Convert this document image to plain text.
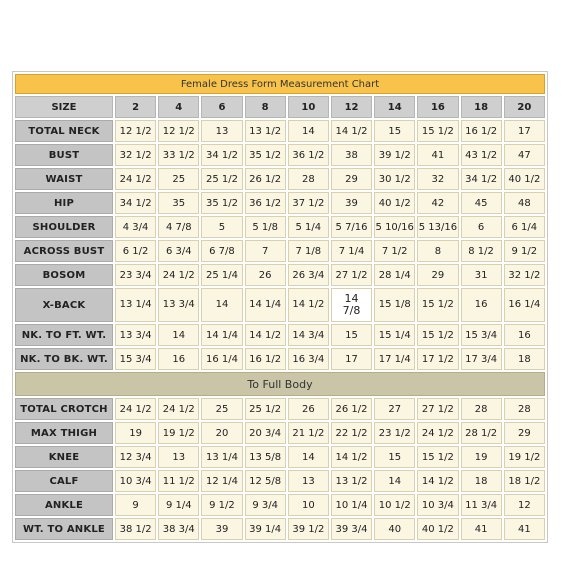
Female Dress Form Measurement Chart										
SIZE	2	4	6	8	10	12	14	16	18	20
TOTAL NECK	12 1/2	12 1/2	13	13 1/2	14	14 1/2	15	15 1/2	16 1/2	17
BUST	32 1/2	33 1/2	34 1/2	35 1/2	36 1/2	38	39 1/2	41	43 1/2	47
WAIST	24 1/2	25	25 1/2	26 1/2	28	29	30 1/2	32	34 1/2	40 1/2
HIP	34 1/2	35	35 1/2	36 1/2	37 1/2	39	40 1/2	42	45	48
SHOULDER	4 3/4	4 7/8	5	5 1/8	5 1/4	5 7/16	5 10/16	5 13/16	6	6 1/4
ACROSS BUST	6 1/2	6 3/4	6 7/8	7	7 1/8	7 1/4	7 1/2	8	8 1/2	9 1/2
BOSOM	23 3/4	24 1/2	25 1/4	26	26 3/4	27 1/2	28 1/4	29	31	32 1/2
X-BACK	13 1/4	13 3/4	14	14 1/4	14 1/2	14 7/8	15 1/8	15 1/2	16	16 1/4
NK. TO FT. WT.	13 3/4	14	14 1/4	14 1/2	14 3/4	15	15 1/4	15 1/2	15 3/4	16
NK. TO BK. WT.	15 3/4	16	16 1/4	16 1/2	16 3/4	17	17 1/4	17 1/2	17 3/4	18
To Full Body										
TOTAL CROTCH	24 1/2	24 1/2	25	25 1/2	26	26 1/2	27	27 1/2	28	28
MAX THIGH	19	19 1/2	20	20 3/4	21 1/2	22 1/2	23 1/2	24 1/2	28 1/2	29
KNEE	12 3/4	13	13 1/4	13 5/8	14	14 1/2	15	15 1/2	19	19 1/2
CALF	10 3/4	11 1/2	12 1/4	12 5/8	13	13 1/2	14	14 1/2	18	18 1/2
ANKLE	9	9 1/4	9 1/2	9 3/4	10	10 1/4	10 1/2	10 3/4	11 3/4	12
WT. TO ANKLE	38 1/2	38 3/4	39	39 1/4	39 1/2	39 3/4	40	40 1/2	41	41
